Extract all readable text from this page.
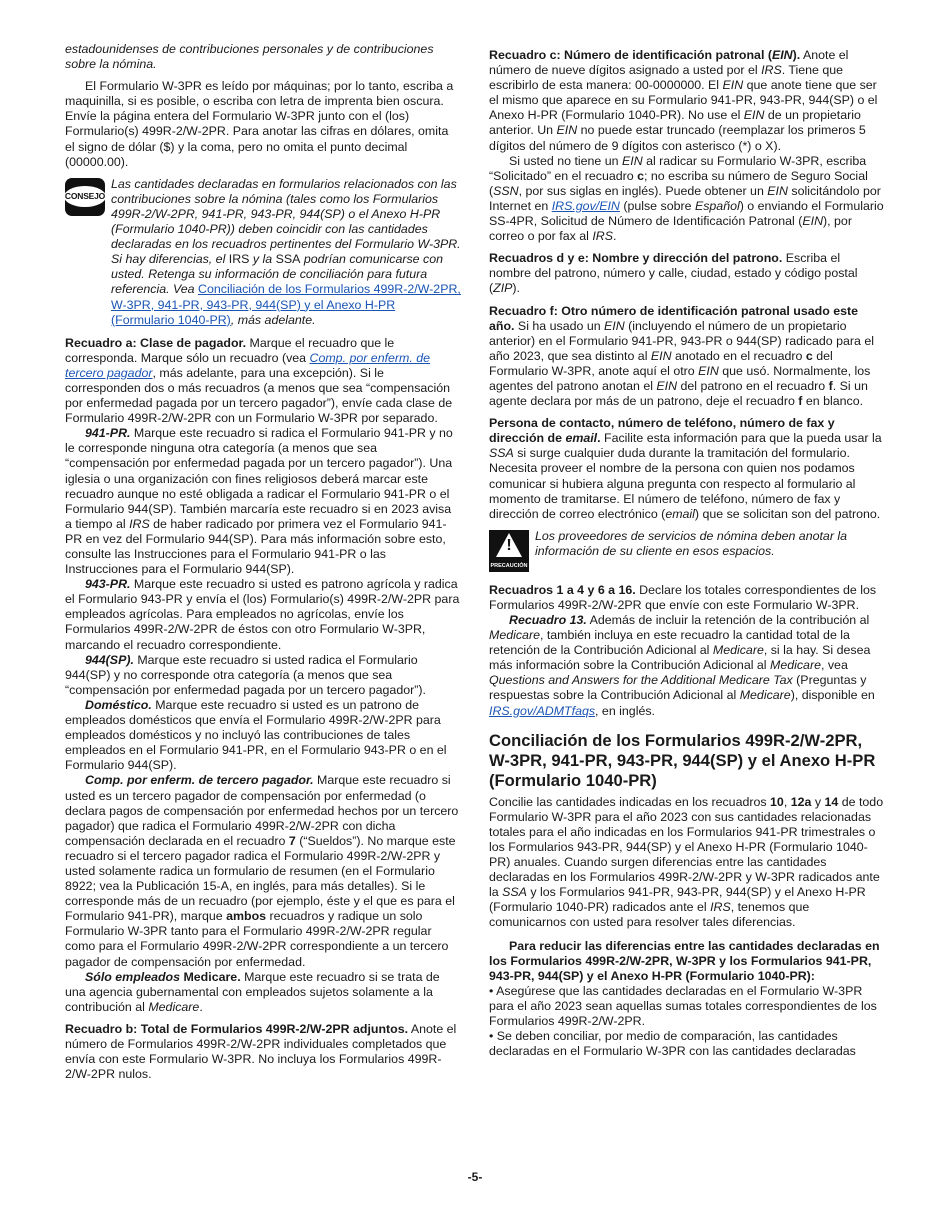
estadounidenses de contribuciones personales y de contribuciones sobre la nómina.

El Formulario W-3PR es leído por máquinas; por lo tanto, escriba a maquinilla, si es posible, o escriba con letra de imprenta bien oscura. Envíe la página entera del Formulario W-3PR junto con el (los) Formulario(s) 499R-2/W-2PR. Para anotar las cifras en dólares, omita el signo de dólar ($) y la coma, pero no omita el punto decimal (00000.00).

CONSEJO
Las cantidades declaradas en formularios relacionados con las contribuciones sobre la nómina (tales como los Formularios 499R-2/W-2PR, 941-PR, 943-PR, 944(SP) o el Anexo H-PR (Formulario 1040-PR)) deben coincidir con las cantidades declaradas en los recuadros pertinentes del Formulario W-3PR. Si hay diferencias, el IRS y la SSA podrían comunicarse con usted. Retenga su información de conciliación para futura referencia. Vea Conciliación de los Formularios 499R-2/W-2PR, W-3PR, 941-PR, 943-PR, 944(SP) y el Anexo H-PR (Formulario 1040-PR), más adelante.

Recuadro a: Clase de pagador. Marque el recuadro que le corresponda. Marque sólo un recuadro (vea Comp. por enferm. de tercero pagador, más adelante, para una excepción). Si le corresponden dos o más recuadros (a menos que sea “compensación por enfermedad pagada por un tercero pagador”), envíe cada clase de Formulario 499R-2/W-2PR con un Formulario W-3PR por separado.

941-PR. Marque este recuadro si radica el Formulario 941-PR y no le corresponde ninguna otra categoría (a menos que sea “compensación por enfermedad pagada por un tercero pagador”). Una iglesia o una organización con fines religiosos deberá marcar este recuadro aunque no esté obligada a radicar el Formulario 941-PR o el Formulario 944(SP). También marcaría este recuadro si en 2023 avisa a tiempo al IRS de haber radicado por primera vez el Formulario 941-PR en vez del Formulario 944(SP). Para más información sobre esto, consulte las Instrucciones para el Formulario 941-PR o las Instrucciones para el Formulario 944(SP).

943-PR. Marque este recuadro si usted es patrono agrícola y radica el Formulario 943-PR y envía el (los) Formulario(s) 499R-2/W-2PR para empleados agrícolas. Para empleados no agrícolas, envíe los Formularios 499R-2/W-2PR de éstos con otro Formulario W-3PR, marcando el recuadro correspondiente.

944(SP). Marque este recuadro si usted radica el Formulario 944(SP) y no corresponde otra categoría (a menos que sea “compensación por enfermedad pagada por un tercero pagador”).

Doméstico. Marque este recuadro si usted es un patrono de empleados domésticos que envía el Formulario 499R-2/W-2PR para empleados domésticos y no incluyó las contribuciones de tales empleados en el Formulario 941-PR, en el Formulario 943-PR o en el Formulario 944(SP).

Comp. por enferm. de tercero pagador. Marque este recuadro si usted es un tercero pagador de compensación por enfermedad (o declara pagos de compensación por enfermedad hechos por un tercero pagador) que radica el Formulario 499R-2/W-2PR con dicha compensación declarada en el recuadro 7 (“Sueldos”). No marque este recuadro si el tercero pagador radica el Formulario 499R-2/W-2PR y usted solamente radica un formulario de resumen (en el Formulario 8922; vea la Publicación 15-A, en inglés, para más detalles). Si le corresponde más de un recuadro (por ejemplo, éste y el que es para el Formulario 941-PR), marque ambos recuadros y radique un solo Formulario W-3PR tanto para el Formulario 499R-2/W-2PR regular como para el Formulario 499R-2/W-2PR correspondiente a un tercero pagador de compensación por enfermedad.

Sólo empleados Medicare. Marque este recuadro si se trata de una agencia gubernamental con empleados sujetos solamente a la contribución al Medicare.

Recuadro b: Total de Formularios 499R-2/W-2PR adjuntos. Anote el número de Formularios 499R-2/W-2PR individuales completados que envía con este Formulario W-3PR. No incluya los Formularios 499R-2/W-2PR nulos.

Recuadro c: Número de identificación patronal (EIN). Anote el número de nueve dígitos asignado a usted por el IRS. Tiene que escribirlo de esta manera: 00-0000000. El EIN que anote tiene que ser el mismo que aparece en su Formulario 941-PR, 943-PR, 944(SP) o el Anexo H-PR (Formulario 1040-PR). No use el EIN de un propietario anterior. Un EIN no puede estar truncado (reemplazar los primeros 5 dígitos del número de 9 dígitos con asterisco (*) o X).

Si usted no tiene un EIN al radicar su Formulario W-3PR, escriba “Solicitado” en el recuadro c; no escriba su número de Seguro Social (SSN, por sus siglas en inglés). Puede obtener un EIN solicitándolo por Internet en IRS.gov/EIN (pulse sobre Español) o enviando el Formulario SS-4PR, Solicitud de Número de Identificación Patronal (EIN), por correo o por fax al IRS.

Recuadros d y e: Nombre y dirección del patrono. Escriba el nombre del patrono, número y calle, ciudad, estado y código postal (ZIP).

Recuadro f: Otro número de identificación patronal usado este año. Si ha usado un EIN (incluyendo el número de un propietario anterior) en el Formulario 941-PR, 943-PR o 944(SP) radicado para el año 2023, que sea distinto al EIN anotado en el recuadro c del Formulario W-3PR, anote aquí el otro EIN que usó. Normalmente, los agentes del patrono anotan el EIN del patrono en el recuadro f. Si un agente declara por más de un patrono, deje el recuadro f en blanco.

Persona de contacto, número de teléfono, número de fax y dirección de email. Facilite esta información para que la pueda usar la SSA si surge cualquier duda durante la tramitación del formulario. Necesita proveer el nombre de la persona con quien nos podamos comunicar si hubiera alguna pregunta con respecto al formulario al momento de tramitarse. El número de teléfono, número de fax y dirección de correo electrónico (email) que se solicitan son del patrono.

!
PRECAUCIÓN
Los proveedores de servicios de nómina deben anotar la información de su cliente en esos espacios.

Recuadros 1 a 4 y 6 a 16. Declare los totales correspondientes de los Formularios 499R-2/W-2PR que envíe con este Formulario W-3PR.

Recuadro 13. Además de incluir la retención de la contribución al Medicare, también incluya en este recuadro la cantidad total de la retención de la Contribución Adicional al Medicare, si la hay. Si desea más información sobre la Contribución Adicional al Medicare, vea Questions and Answers for the Additional Medicare Tax (Preguntas y respuestas sobre la Contribución Adicional al Medicare), disponible en IRS.gov/ADMTfaqs, en inglés.

Conciliación de los Formularios 499R-2/W-2PR, W-3PR, 941-PR, 943-PR, 944(SP) y el Anexo H-PR (Formulario 1040-PR)

Concilie las cantidades indicadas en los recuadros 10, 12a y 14 de todo Formulario W-3PR para el año 2023 con sus cantidades relacionadas totales para el año indicadas en los Formularios 941-PR trimestrales o los Formularios 943-PR, 944(SP) y el Anexo H-PR (Formulario 1040-PR) anuales. Cuando surgen diferencias entre las cantidades declaradas en los Formularios 499R-2/W-2PR y W-3PR radicados ante la SSA y los Formularios 941-PR, 943-PR, 944(SP) y el Anexo H-PR (Formulario 1040-PR) radicados ante el IRS, tenemos que comunicarnos con usted para resolver tales diferencias.

Para reducir las diferencias entre las cantidades declaradas en los Formularios 499R-2/W-2PR, W-3PR y los Formularios 941-PR, 943-PR, 944(SP) y el Anexo H-PR (Formulario 1040-PR):

• Asegúrese que las cantidades declaradas en el Formulario W-3PR para el año 2023 sean aquellas sumas totales correspondientes de los Formularios 499R-2/W-2PR.
• Se deben conciliar, por medio de comparación, las cantidades declaradas en el Formulario W-3PR con las cantidades declaradas
-5-
